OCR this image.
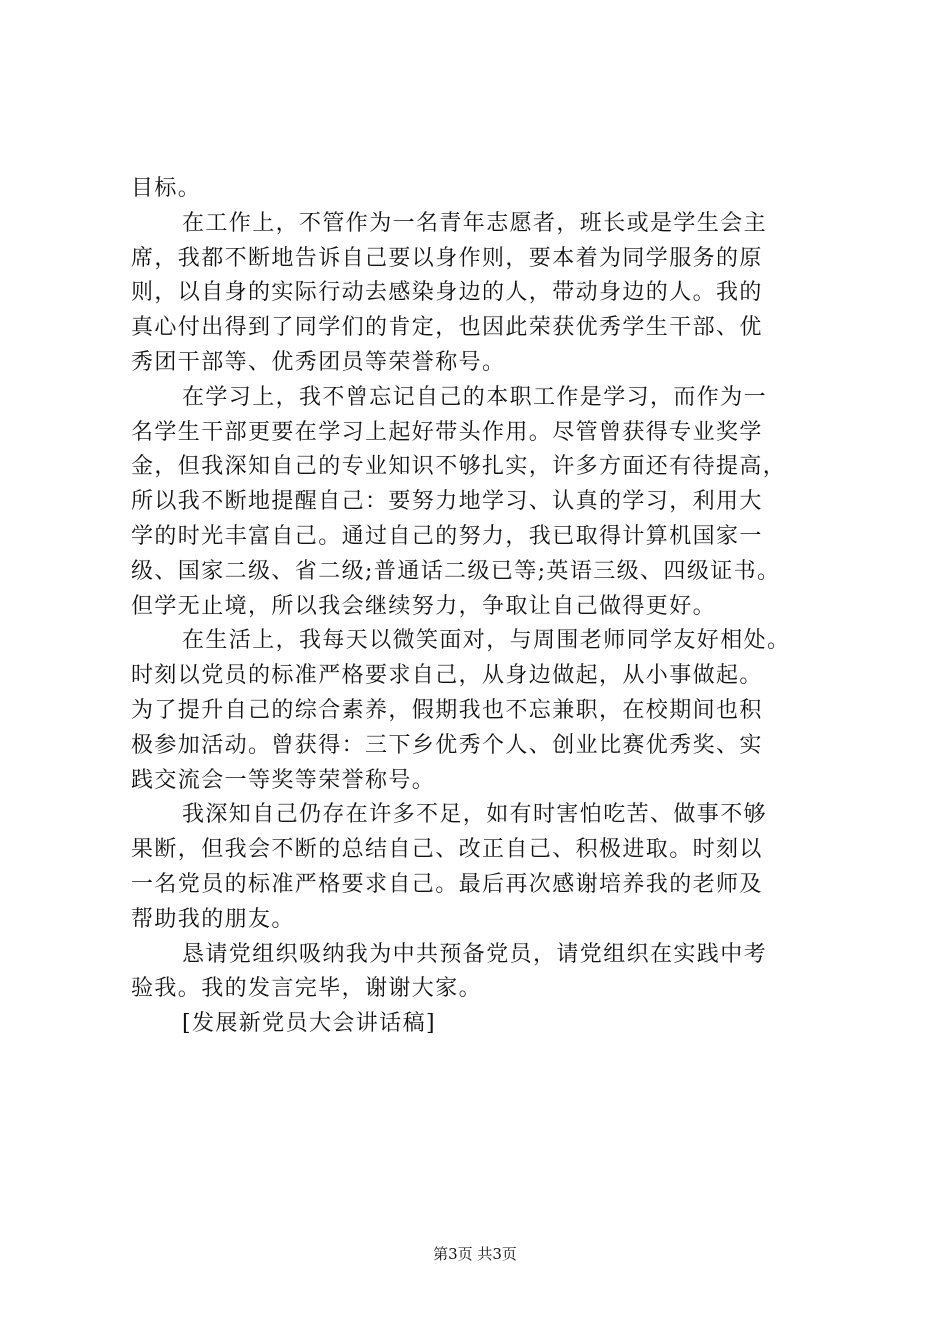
目标。
在工作上，不管作为一名青年志愿者，班长或是学生会主
席，我都不断地告诉自己要以身作则，要本着为同学服务的原
则，以自身的实际行动去感染身边的人，带动身边的人。我的
真心付出得到了同学们的肯定，也因此荣获优秀学生干部、优
秀团干部等、优秀团员等荣誉称号。
在学习上，我不曾忘记自己的本职工作是学习，而作为一
名学生干部更要在学习上起好带头作用。尽管曾获得专业奖学
金，但我深知自己的专业知识不够扎实，许多方面还有待提高，
所以我不断地提醒自己：要努力地学习、认真的学习，利用大
学的时光丰富自己。通过自己的努力，我已取得计算机国家一
级、国家二级、省二级;普通话二级已等;英语三级、四级证书。
但学无止境，所以我会继续努力，争取让自己做得更好。
在生活上，我每天以微笑面对，与周围老师同学友好相处。
时刻以党员的标准严格要求自己，从身边做起，从小事做起。
为了提升自己的综合素养，假期我也不忘兼职，在校期间也积
极参加活动。曾获得：三下乡优秀个人、创业比赛优秀奖、实
践交流会一等奖等荣誉称号。
我深知自己仍存在许多不足，如有时害怕吃苦、做事不够
果断，但我会不断的总结自己、改正自己、积极进取。时刻以
一名党员的标准严格要求自己。最后再次感谢培养我的老师及
帮助我的朋友。
恳请党组织吸纳我为中共预备党员，请党组织在实践中考
验我。我的发言完毕，谢谢大家。
[发展新党员大会讲话稿]
第3页 共3页
